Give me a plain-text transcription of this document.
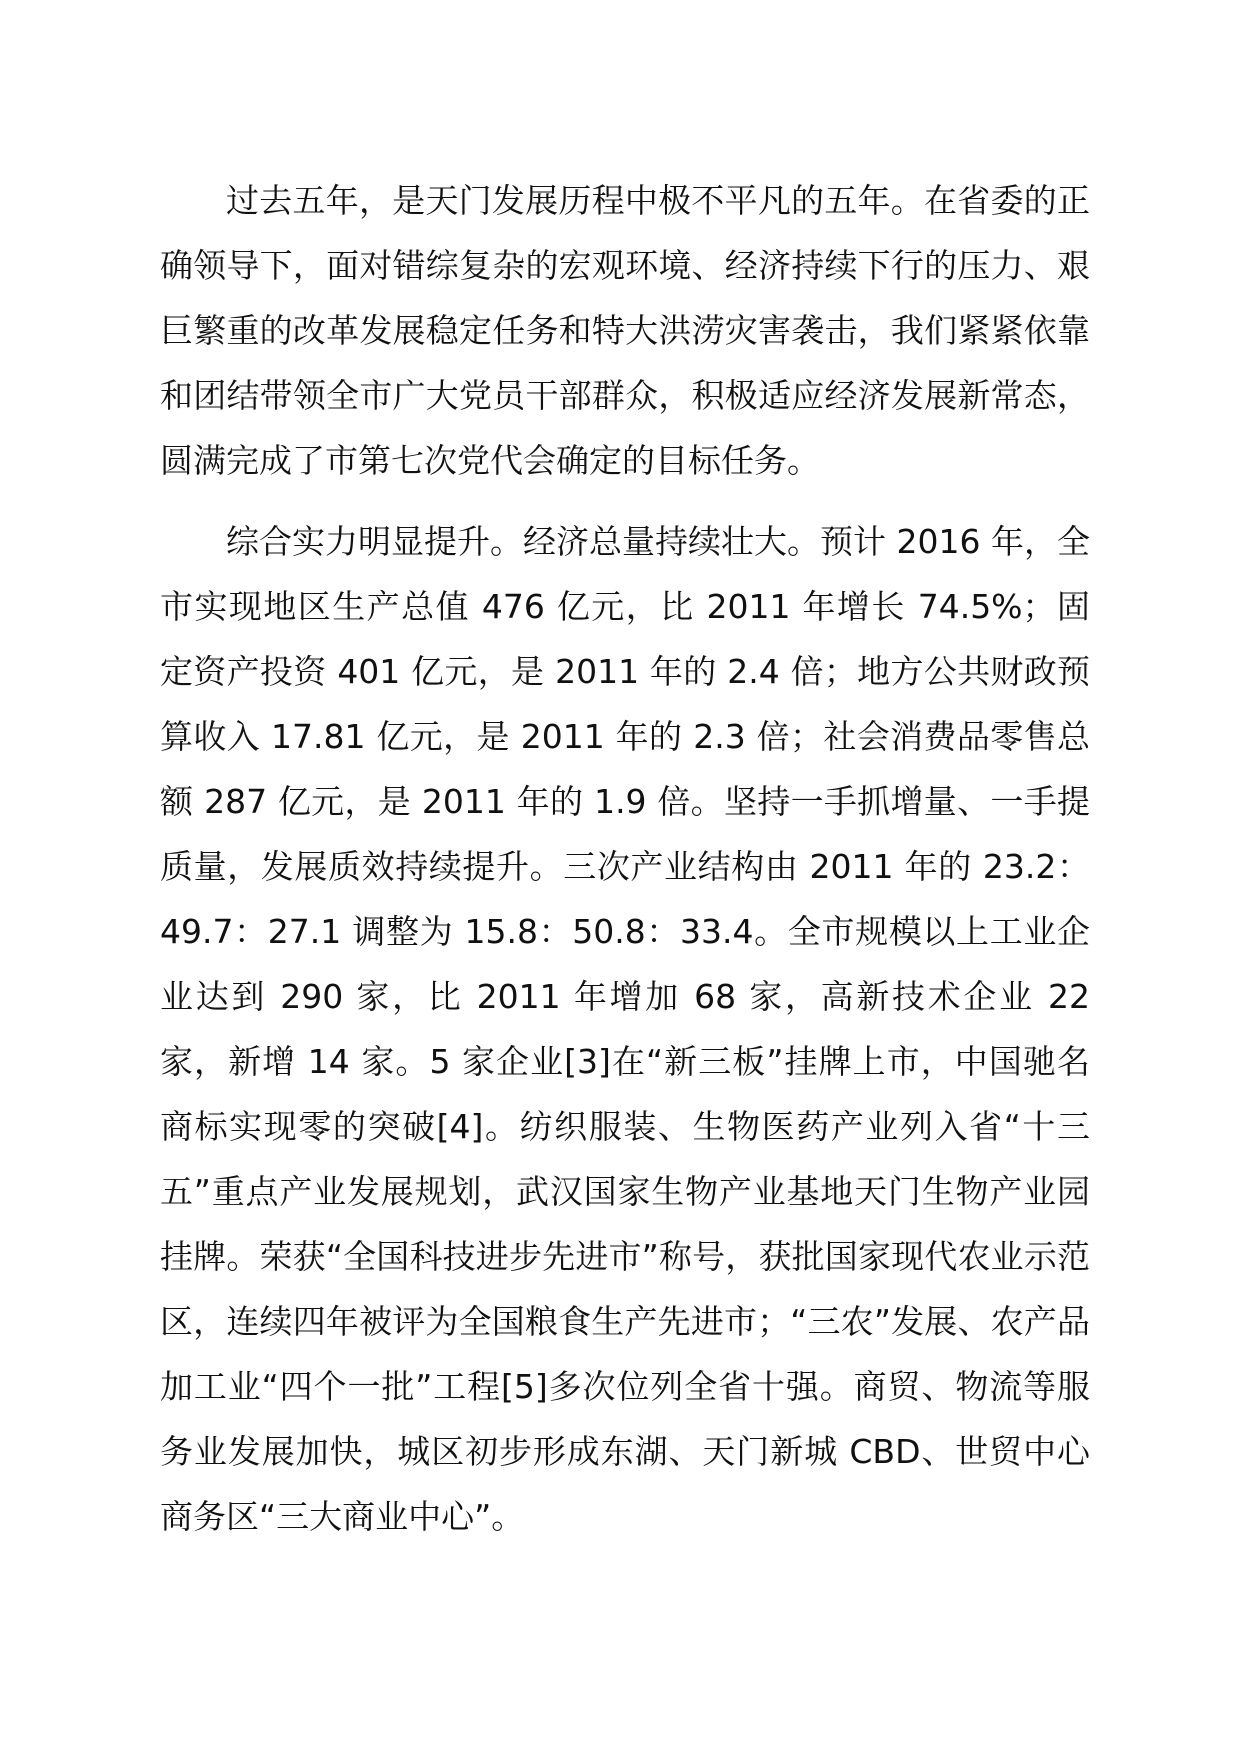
过去五年，是天门发展历程中极不平凡的五年。在省委的正确领导下，面对错综复杂的宏观环境、经济持续下行的压力、艰巨繁重的改革发展稳定任务和特大洪涝灾害袭击，我们紧紧依靠和团结带领全市广大党员干部群众，积极适应经济发展新常态，圆满完成了市第七次党代会确定的目标任务。

综合实力明显提升。经济总量持续壮大。预计 2016 年，全市实现地区生产总值 476 亿元，比 2011 年增长 74.5%；固定资产投资 401 亿元，是 2011 年的 2.4 倍；地方公共财政预算收入 17.81 亿元，是 2011 年的 2.3 倍；社会消费品零售总额 287 亿元，是 2011 年的 1.9 倍。坚持一手抓增量、一手提质量，发展质效持续提升。三次产业结构由 2011 年的 23.2：49.7：27.1 调整为 15.8：50.8：33.4。全市规模以上工业企业达到 290 家，比 2011 年增加 68 家，高新技术企业 22 家，新增 14 家。5 家企业[3]在“新三板”挂牌上市，中国驰名商标实现零的突破[4]。纺织服装、生物医药产业列入省“十三五”重点产业发展规划，武汉国家生物产业基地天门生物产业园挂牌。荣获“全国科技进步先进市”称号，获批国家现代农业示范区，连续四年被评为全国粮食生产先进市；“三农”发展、农产品加工业“四个一批”工程[5]多次位列全省十强。商贸、物流等服务业发展加快，城区初步形成东湖、天门新城 CBD、世贸中心商务区“三大商业中心”。
